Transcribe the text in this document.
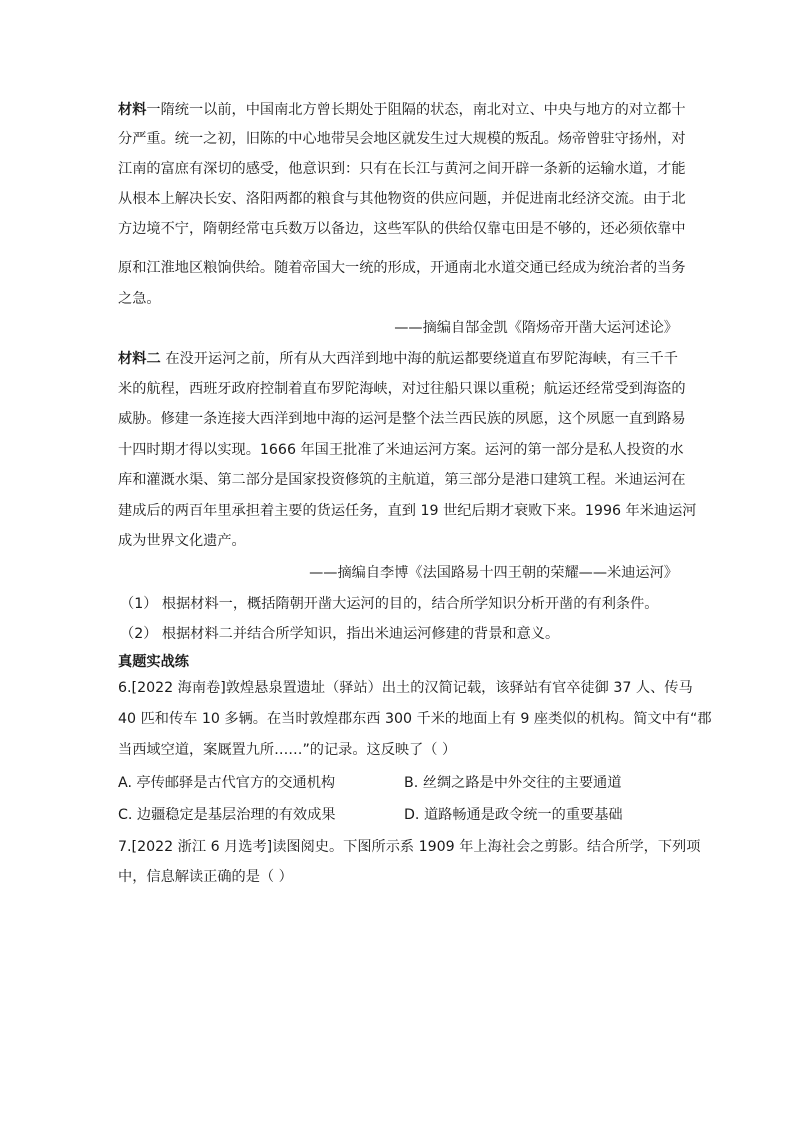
材料一隋统一以前，中国南北方曾长期处于阻隔的状态，南北对立、中央与地方的对立都十
分严重。统一之初，旧陈的中心地带吴会地区就发生过大规模的叛乱。炀帝曾驻守扬州，对
江南的富庶有深切的感受，他意识到：只有在长江与黄河之间开辟一条新的运输水道，才能
从根本上解决长安、洛阳两都的粮食与其他物资的供应问题，并促进南北经济交流。由于北
方边境不宁，隋朝经常屯兵数万以备边，这些军队的供给仅靠屯田是不够的，还必须依靠中
原和江淮地区粮饷供给。随着帝国大一统的形成，开通南北水道交通已经成为统治者的当务
之急。
——摘编自郜金凯《隋炀帝开凿大运河述论》
材料二 在没开运河之前，所有从大西洋到地中海的航运都要绕道直布罗陀海峡，有三千千
米的航程，西班牙政府控制着直布罗陀海峡，对过往船只课以重税；航运还经常受到海盗的
威胁。修建一条连接大西洋到地中海的运河是整个法兰西民族的夙愿，这个夙愿一直到路易
十四时期才得以实现。1666 年国王批准了米迪运河方案。运河的第一部分是私人投资的水
库和灌溉水渠、第二部分是国家投资修筑的主航道，第三部分是港口建筑工程。米迪运河在
建成后的两百年里承担着主要的货运任务，直到 19 世纪后期才衰败下来。1996 年米迪运河
成为世界文化遗产。
——摘编自李博《法国路易十四王朝的荣耀——米迪运河》
（1） 根据材料一，概括隋朝开凿大运河的目的，结合所学知识分析开凿的有利条件。
（2） 根据材料二并结合所学知识，指出米迪运河修建的背景和意义。
真题实战练
6.[2022 海南卷]敦煌悬泉置遗址（驿站）出土的汉简记载，该驿站有官卒徒御 37 人、传马
40 匹和传车 10 多辆。在当时敦煌郡东西 300 千米的地面上有 9 座类似的机构。简文中有“郡
当西域空道，案厩置九所……”的记录。这反映了（ ）
A. 亭传邮驿是古代官方的交通机构	B. 丝绸之路是中外交往的主要通道
C. 边疆稳定是基层治理的有效成果	D. 道路畅通是政令统一的重要基础
7.[2022 浙江 6 月选考]读图阅史。下图所示系 1909 年上海社会之剪影。结合所学，下列项
中，信息解读正确的是（ ）
